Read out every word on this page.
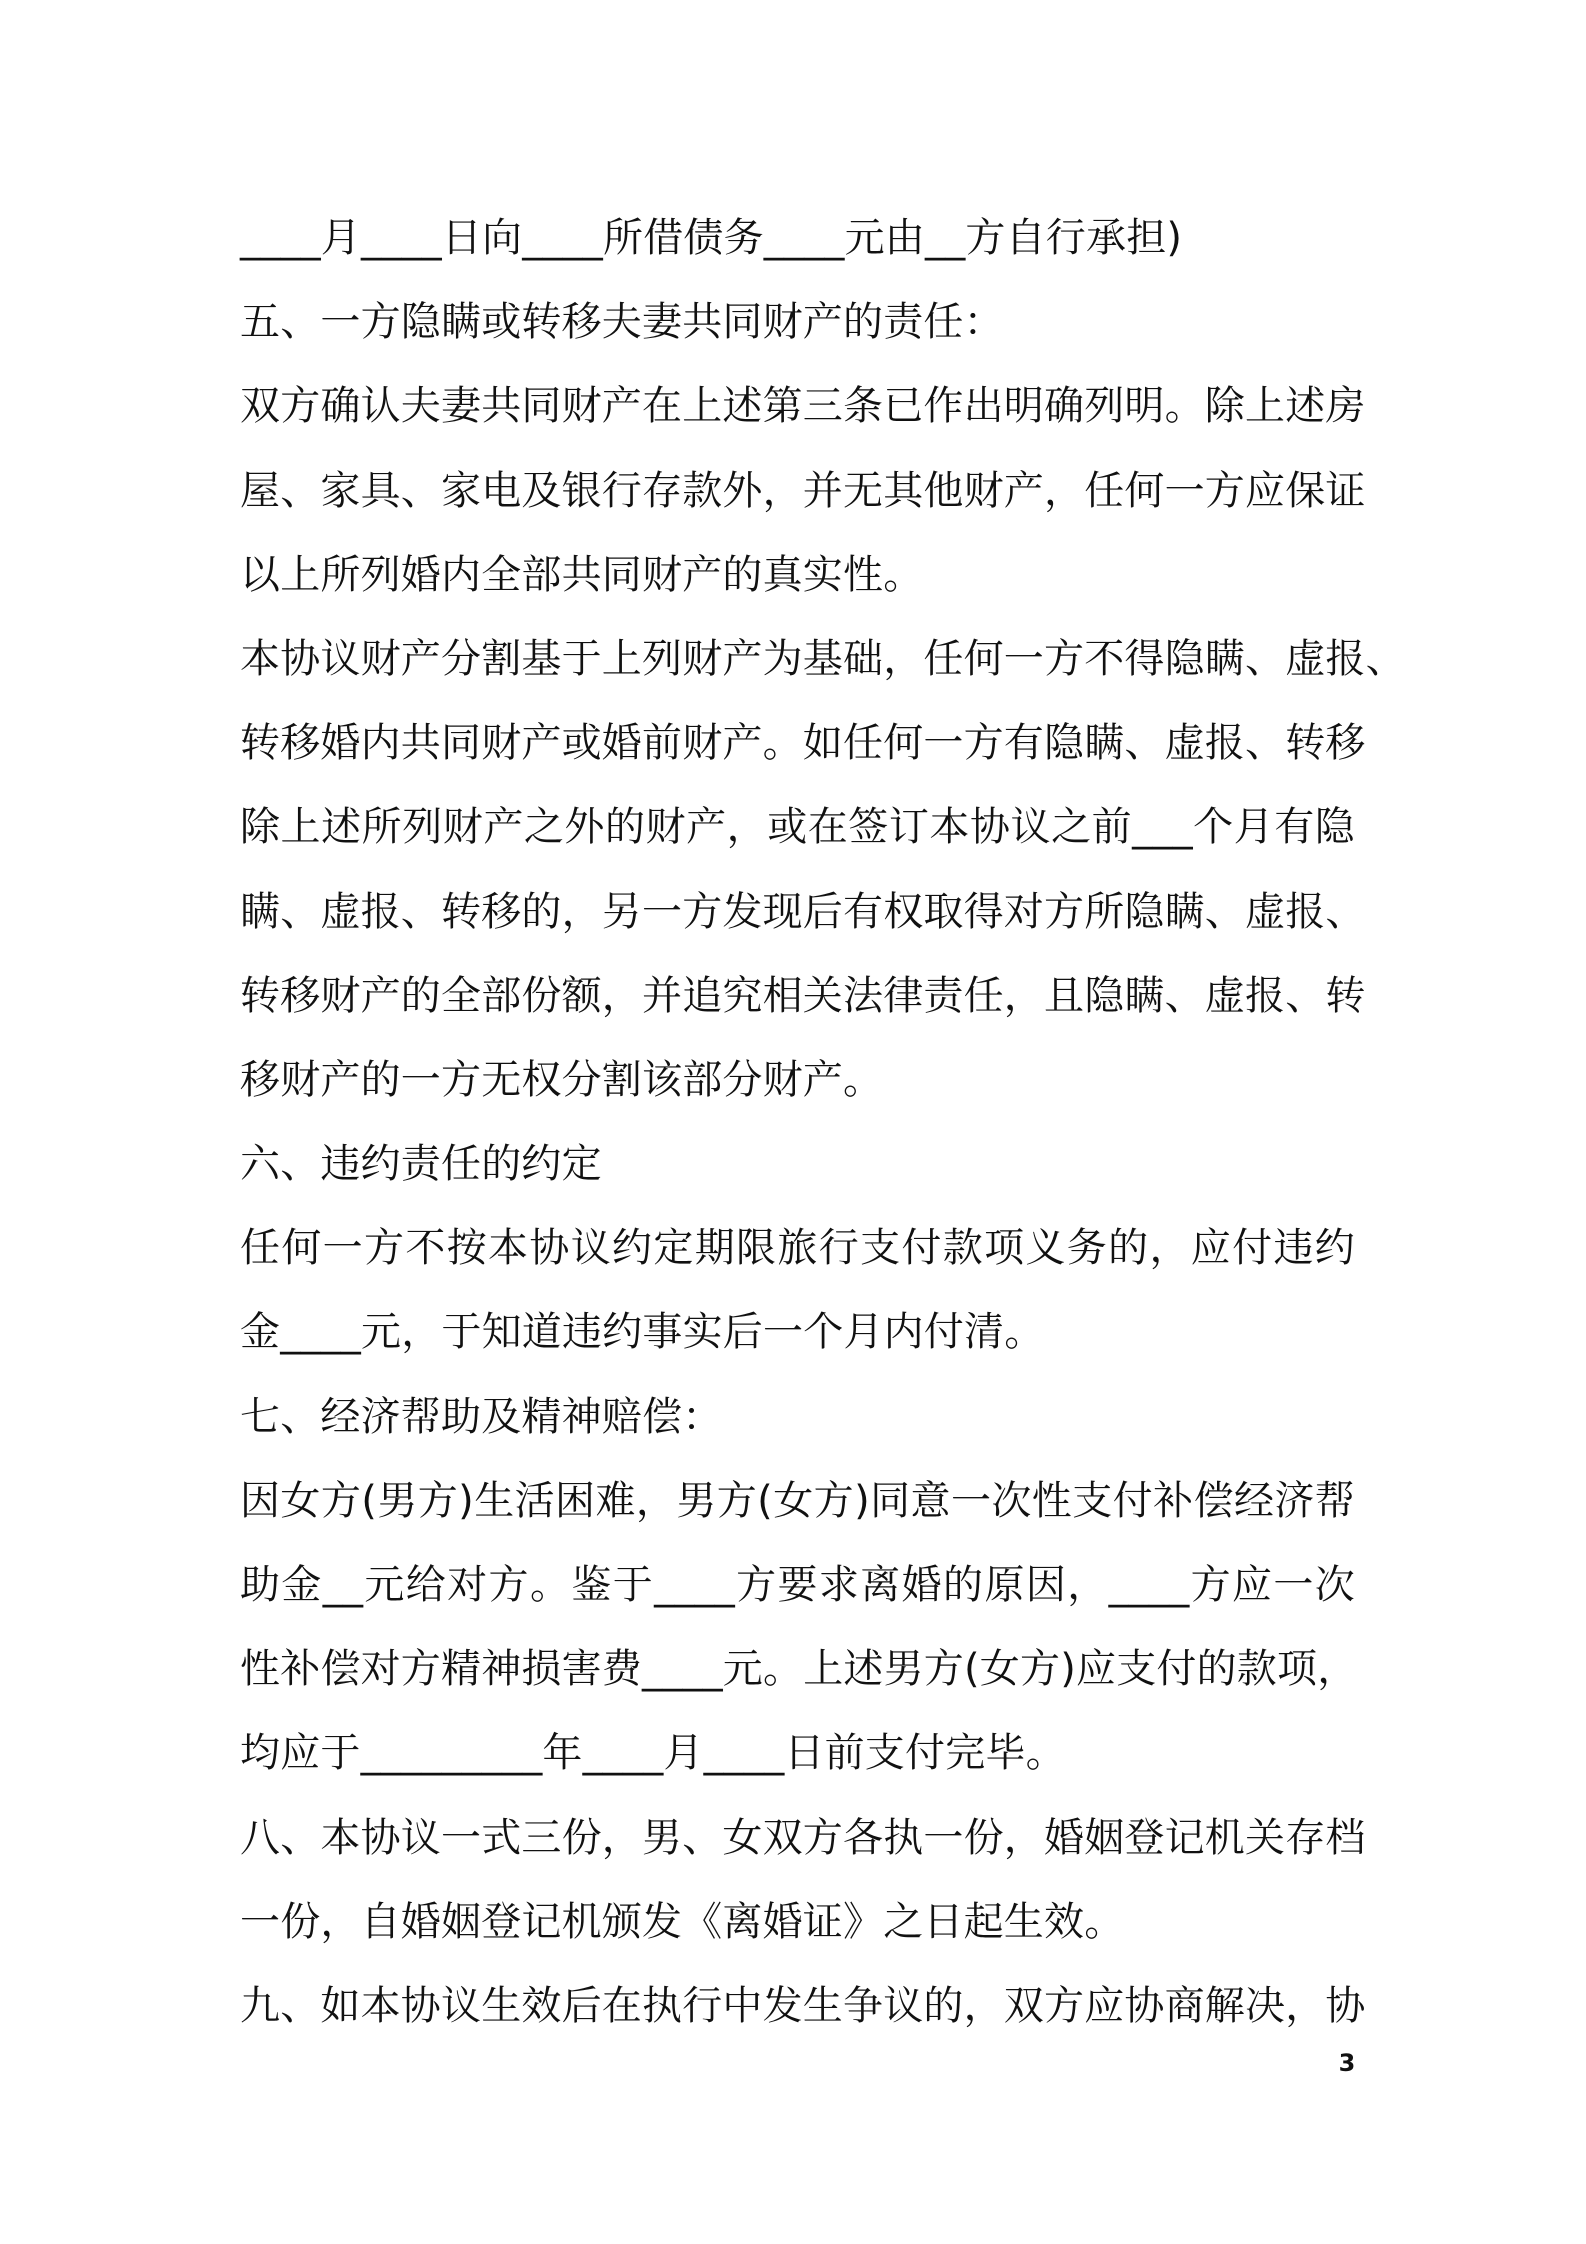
____月____日向____所借债务____元由__方自行承担)
五、一方隐瞒或转移夫妻共同财产的责任：
双方确认夫妻共同财产在上述第三条已作出明确列明。除上述房
屋、家具、家电及银行存款外，并无其他财产，任何一方应保证
以上所列婚内全部共同财产的真实性。
本协议财产分割基于上列财产为基础，任何一方不得隐瞒、虚报、
转移婚内共同财产或婚前财产。如任何一方有隐瞒、虚报、转移
除上述所列财产之外的财产，或在签订本协议之前___个月有隐
瞒、虚报、转移的，另一方发现后有权取得对方所隐瞒、虚报、
转移财产的全部份额，并追究相关法律责任，且隐瞒、虚报、转
移财产的一方无权分割该部分财产。
六、违约责任的约定
任何一方不按本协议约定期限旅行支付款项义务的，应付违约
金____元，于知道违约事实后一个月内付清。
七、经济帮助及精神赔偿：
因女方(男方)生活困难，男方(女方)同意一次性支付补偿经济帮
助金__元给对方。鉴于____方要求离婚的原因，____方应一次
性补偿对方精神损害费____元。上述男方(女方)应支付的款项，
均应于_________年____月____日前支付完毕。
八、本协议一式三份，男、女双方各执一份，婚姻登记机关存档
一份，自婚姻登记机颁发《离婚证》之日起生效。
九、如本协议生效后在执行中发生争议的，双方应协商解决，协
3
